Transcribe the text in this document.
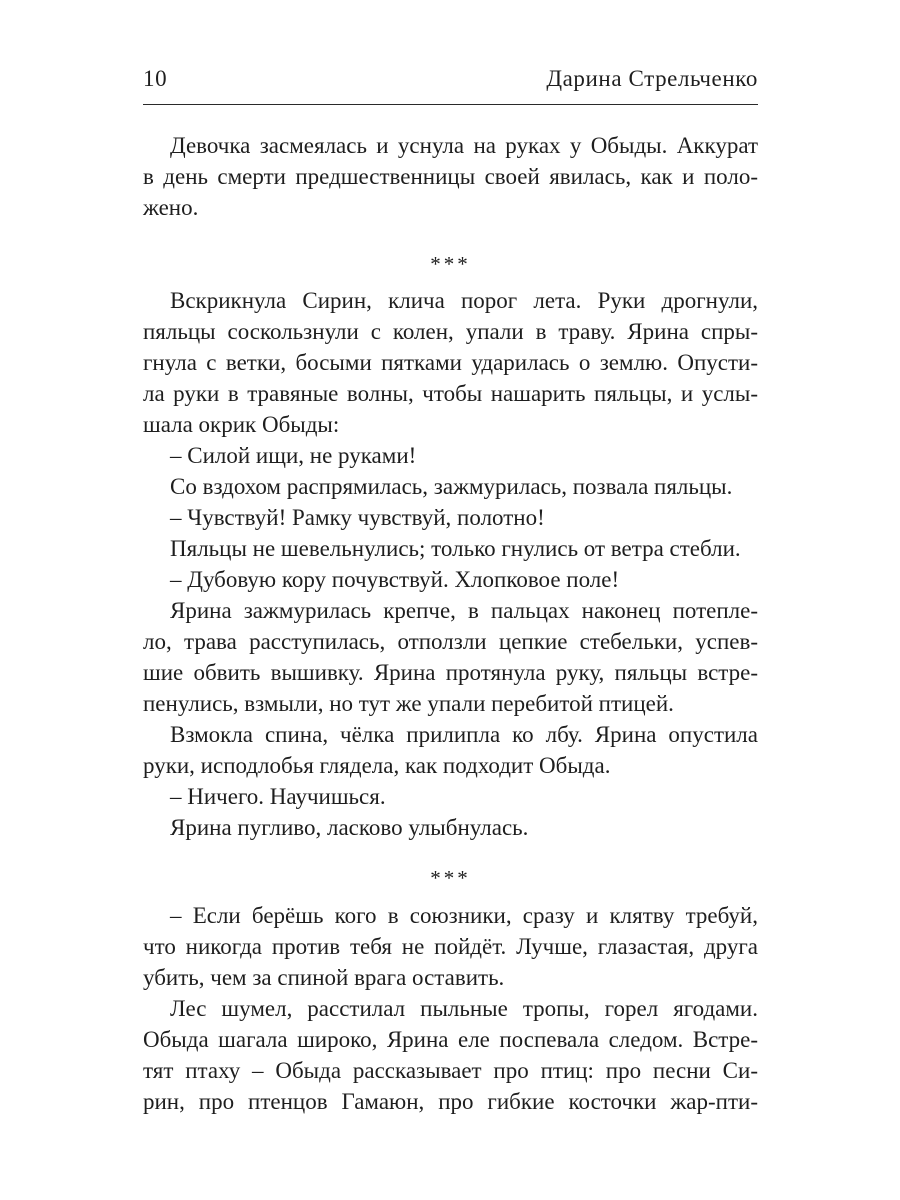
10	Дарина Стрельченко
Девочка засмеялась и уснула на руках у Обыды. Аккурат
в день смерти предшественницы своей явилась, как и поло-
жено.
***
Вскрикнула Сирин, клича порог лета. Руки дрогнули,
пяльцы соскользнули с колен, упали в траву. Ярина спры-
гнула с ветки, босыми пятками ударилась о землю. Опусти-
ла руки в травяные волны, чтобы нашарить пяльцы, и услы-
шала окрик Обыды:
– Силой ищи, не руками!
Со вздохом распрямилась, зажмурилась, позвала пяльцы.
– Чувствуй! Рамку чувствуй, полотно!
Пяльцы не шевельнулись; только гнулись от ветра стебли.
– Дубовую кору почувствуй. Хлопковое поле!
Ярина зажмурилась крепче, в пальцах наконец потепле-
ло, трава расступилась, отползли цепкие стебельки, успев-
шие обвить вышивку. Ярина протянула руку, пяльцы встре-
пенулись, взмыли, но тут же упали перебитой птицей.
Взмокла спина, чёлка прилипла ко лбу. Ярина опустила
руки, исподлобья глядела, как подходит Обыда.
– Ничего. Научишься.
Ярина пугливо, ласково улыбнулась.
***
– Если берёшь кого в союзники, сразу и клятву требуй,
что никогда против тебя не пойдёт. Лучше, глазастая, друга
убить, чем за спиной врага оставить.
Лес шумел, расстилал пыльные тропы, горел ягодами.
Обыда шагала широко, Ярина еле поспевала следом. Встре-
тят птаху – Обыда рассказывает про птиц: про песни Си-
рин, про птенцов Гамаюн, про гибкие косточки жар-пти-
